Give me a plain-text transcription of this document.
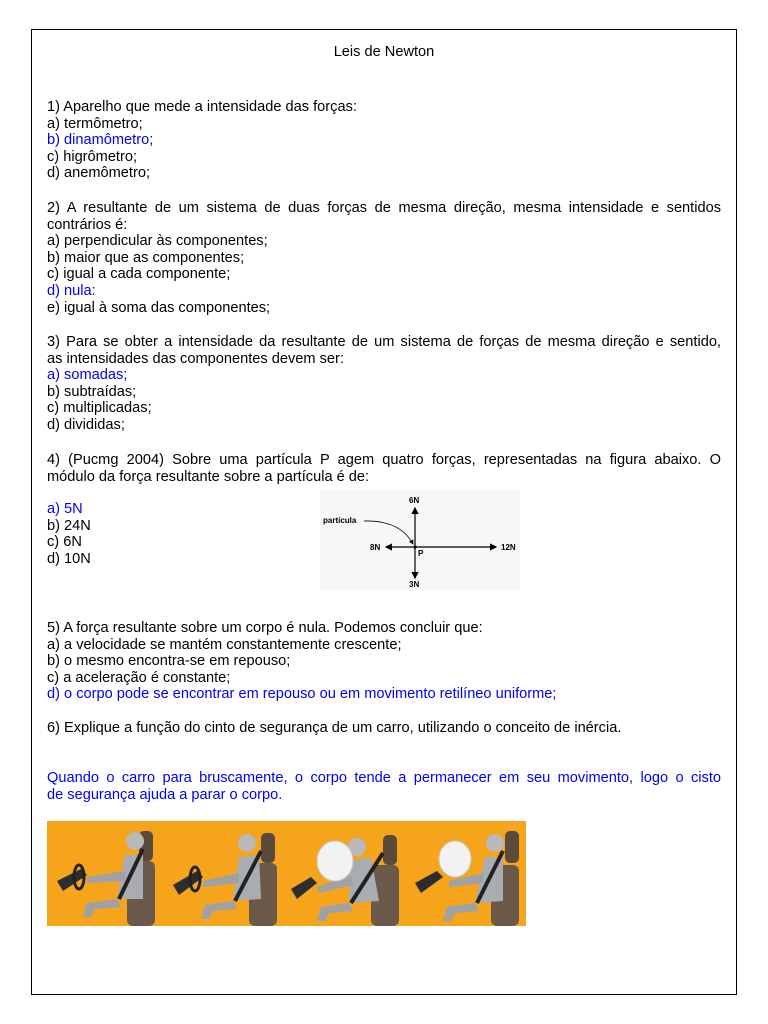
Leis de Newton
1) Aparelho que mede a intensidade das forças:
a) termômetro;
b) dinamômetro;
c) higrômetro;
d) anemômetro;
2) A resultante de um sistema de duas forças de mesma direção, mesma intensidade e sentidos
contrários é:
a) perpendicular às componentes;
b) maior que as componentes;
c) igual a cada componente;
d) nula:
e) igual à soma das componentes;
3) Para se obter a intensidade da resultante de um sistema de forças de mesma direção e sentido,
as intensidades das componentes devem ser:
a) somadas;
b) subtraídas;
c) multiplicadas;
d) divididas;
4) (Pucmg 2004) Sobre uma partícula P agem quatro forças, representadas na figura abaixo. O
módulo da força resultante sobre a partícula é de:
a) 5N
b) 24N
c) 6N
d) 10N
partícula
P
6N
3N
8N	12N
5) A força resultante sobre um corpo é nula. Podemos concluir que:
a) a velocidade se mantém constantemente crescente;
b) o mesmo encontra-se em repouso;
c) a aceleração é constante;
d) o corpo pode se encontrar em repouso ou em movimento retilíneo uniforme;
6) Explique a função do cinto de segurança de um carro, utilizando o conceito de inércia.
Quando o carro para bruscamente, o corpo tende a permanecer em seu movimento, logo o cisto
de segurança ajuda a parar o corpo.
